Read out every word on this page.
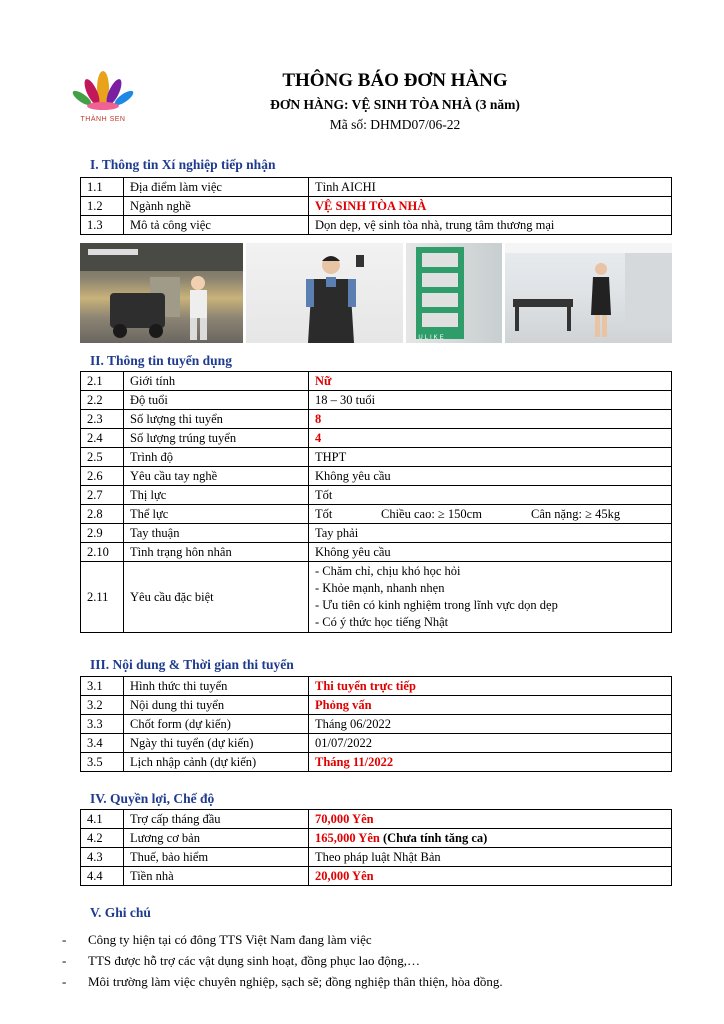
THÀNH SEN
THÔNG BÁO ĐƠN HÀNG
ĐƠN HÀNG: VỆ SINH TÒA NHÀ (3 năm)
Mã số: DHMD07/06-22
I. Thông tin Xí nghiệp tiếp nhận
1.1	Địa điểm làm việc	Tỉnh AICHI
1.2	Ngành nghề	VỆ SINH TÒA NHÀ
1.3	Mô tả công việc	Dọn dẹp, vệ sinh tòa nhà, trung tâm thương mại
ULIKE
II. Thông tin tuyển dụng
2.1	Giới tính	Nữ
2.2	Độ tuổi	18 – 30 tuổi
2.3	Số lượng thi tuyển	8
2.4	Số lượng trúng tuyển	4
2.5	Trình độ	THPT
2.6	Yêu cầu tay nghề	Không yêu cầu
2.7	Thị lực	Tốt
2.8	Thể lực	Tốt Chiều cao: ≥ 150cm Cân nặng: ≥ 45kg

2.9	Tay thuận	Tay phải
2.10	Tình trạng hôn nhân	Không yêu cầu
2.11	Yêu cầu đặc biệt	- Chăm chỉ, chịu khó học hỏi
- Khỏe mạnh, nhanh nhẹn
- Ưu tiên có kinh nghiệm trong lĩnh vực dọn dẹp
- Có ý thức học tiếng Nhật
III. Nội dung & Thời gian thi tuyển
3.1	Hình thức thi tuyển	Thi tuyển trực tiếp
3.2	Nội dung thi tuyển	Phỏng vấn
3.3	Chốt form (dự kiến)	Tháng 06/2022
3.4	Ngày thi tuyển (dự kiến)	01/07/2022
3.5	Lịch nhập cảnh (dự kiến)	Tháng 11/2022
IV. Quyền lợi, Chế độ
4.1	Trợ cấp tháng đầu	70,000 Yên
4.2	Lương cơ bản	165,000 Yên (Chưa tính tăng ca)
4.3	Thuế, bảo hiểm	Theo pháp luật Nhật Bản
4.4	Tiền nhà	20,000 Yên
V. Ghi chú
-	Công ty hiện tại có đông TTS Việt Nam đang làm việc
-	TTS được hỗ trợ các vật dụng sinh hoạt, đồng phục lao động,…
-	Môi trường làm việc chuyên nghiệp, sạch sẽ; đồng nghiệp thân thiện, hòa đồng.
